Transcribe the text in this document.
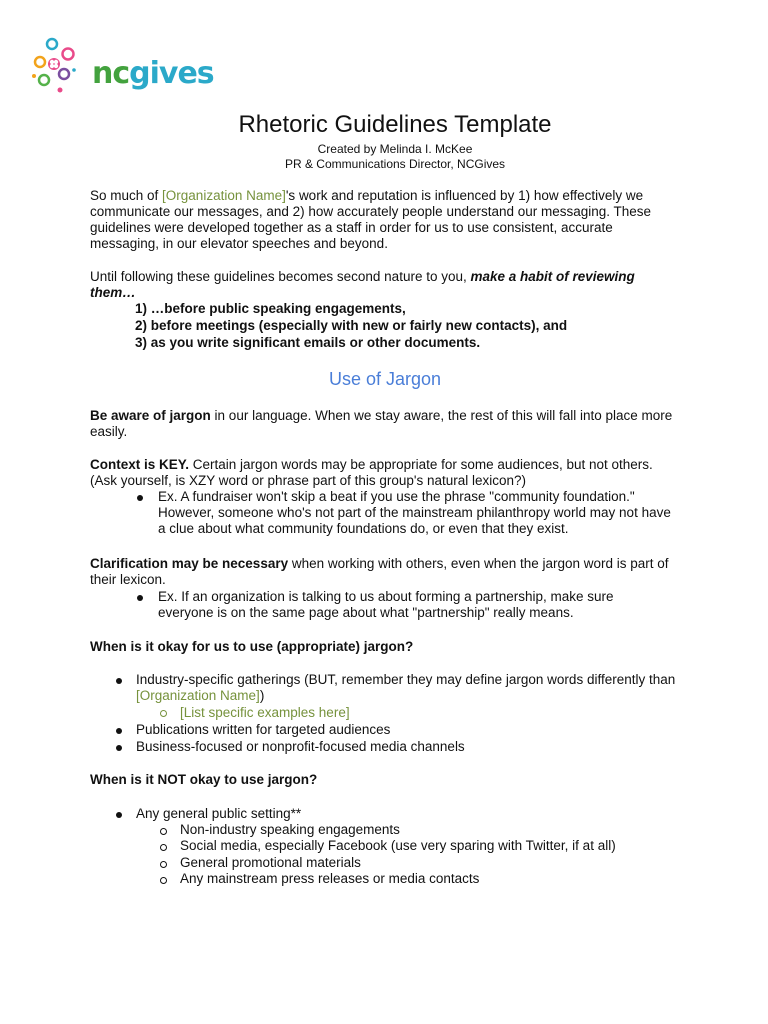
ncgives
Rhetoric Guidelines Template
Created by Melinda I. McKee
PR & Communications Director, NCGives
So much of [Organization Name]'s work and reputation is influenced by 1) how effectively we communicate our messages, and 2) how accurately people understand our messaging. These guidelines were developed together as a staff in order for us to use consistent, accurate messaging, in our elevator speeches and beyond.
Until following these guidelines becomes second nature to you, make a habit of reviewing them…
1) …before public speaking engagements,
2) before meetings (especially with new or fairly new contacts), and
3) as you write significant emails or other documents.
Use of Jargon
Be aware of jargon in our language. When we stay aware, the rest of this will fall into place more easily.
Context is KEY. Certain jargon words may be appropriate for some audiences, but not others. (Ask yourself, is XZY word or phrase part of this group's natural lexicon?)
Ex. A fundraiser won't skip a beat if you use the phrase "community foundation." However, someone who's not part of the mainstream philanthropy world may not have a clue about what community foundations do, or even that they exist.
Clarification may be necessary when working with others, even when the jargon word is part of their lexicon.
Ex. If an organization is talking to us about forming a partnership, make sure everyone is on the same page about what "partnership" really means.
When is it okay for us to use (appropriate) jargon?
Industry-specific gatherings (BUT, remember they may define jargon words differently than [Organization Name])
[List specific examples here]
Publications written for targeted audiences
Business-focused or nonprofit-focused media channels
When is it NOT okay to use jargon?
Any general public setting**
Non-industry speaking engagements
Social media, especially Facebook (use very sparing with Twitter, if at all)
General promotional materials
Any mainstream press releases or media contacts
